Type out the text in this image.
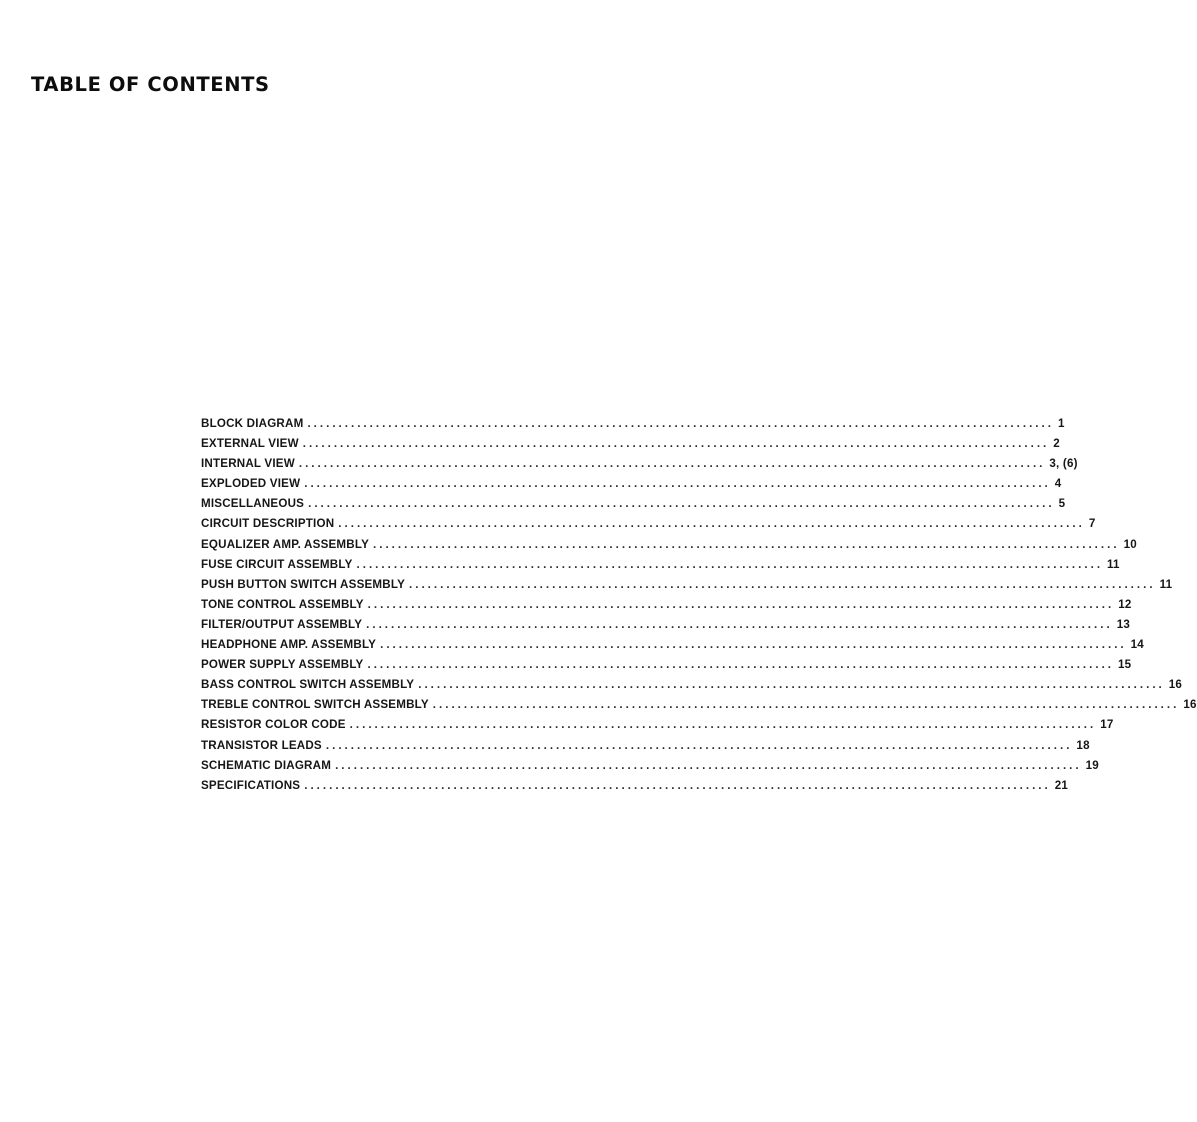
TABLE OF CONTENTS
BLOCK DIAGRAM ........................................................................................................................ 1
EXTERNAL VIEW ........................................................................................................................ 2
INTERNAL VIEW ........................................................................................................................ 3, (6)
EXPLODED VIEW ........................................................................................................................ 4
MISCELLANEOUS ........................................................................................................................ 5
CIRCUIT DESCRIPTION ........................................................................................................................ 7
EQUALIZER AMP. ASSEMBLY ........................................................................................................................ 10
FUSE CIRCUIT ASSEMBLY ........................................................................................................................ 11
PUSH BUTTON SWITCH ASSEMBLY ........................................................................................................................ 11
TONE CONTROL ASSEMBLY ........................................................................................................................ 12
FILTER/OUTPUT ASSEMBLY ........................................................................................................................ 13
HEADPHONE AMP. ASSEMBLY ........................................................................................................................ 14
POWER SUPPLY ASSEMBLY ........................................................................................................................ 15
BASS CONTROL SWITCH ASSEMBLY ........................................................................................................................ 16
TREBLE CONTROL SWITCH ASSEMBLY ........................................................................................................................ 16
RESISTOR COLOR CODE ........................................................................................................................ 17
TRANSISTOR LEADS ........................................................................................................................ 18
SCHEMATIC DIAGRAM ........................................................................................................................ 19
SPECIFICATIONS ........................................................................................................................ 21
